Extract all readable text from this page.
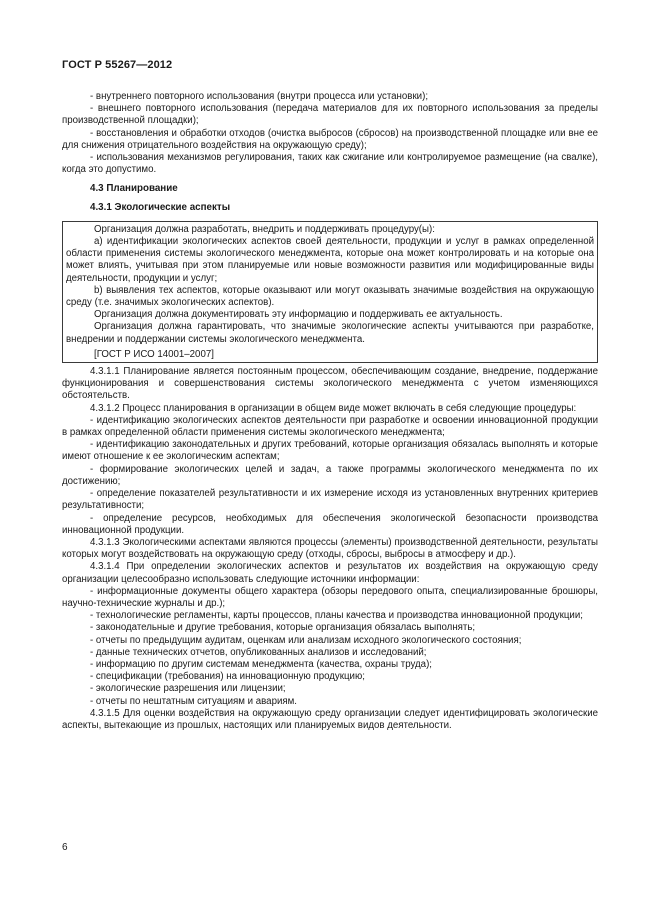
ГОСТ Р 55267—2012

- внутреннего повторного использования (внутри процесса или установки);

- внешнего повторного использования (передача материалов для их повторного использования за пределы производственной площадки);

- восстановления и обработки отходов (очистка выбросов (сбросов) на производственной площадке или вне ее для снижения отрицательного воздействия на окружающую среду);

- использования механизмов регулирования, таких как сжигание или контролируемое размещение (на свалке), когда это допустимо.

4.3 Планирование
4.3.1 Экологические аспекты

Организация должна разработать, внедрить и поддерживать процедуру(ы):

а) идентификации экологических аспектов своей деятельности, продукции и услуг в рамках определенной области применения системы экологического менеджмента, которые она может контролировать и на которые она может влиять, учитывая при этом планируемые или новые возможности развития или модифицированные виды деятельности, продукции и услуг;

b) выявления тех аспектов, которые оказывают или могут оказывать значимые воздействия на окружающую среду (т.е. значимых экологических аспектов).

Организация должна документировать эту информацию и поддерживать ее актуальность.

Организация должна гарантировать, что значимые экологические аспекты учитываются при разработке, внедрении и поддержании системы экологического менеджмента.

[ГОСТ Р ИСО 14001–2007]

4.3.1.1 Планирование является постоянным процессом, обеспечивающим создание, внедрение, поддержание функционирования и совершенствования системы экологического менеджмента с учетом изменяющихся обстоятельств.

4.3.1.2 Процесс планирования в организации в общем виде может включать в себя следующие процедуры:

- идентификацию экологических аспектов деятельности при разработке и освоении инновационной продукции в рамках определенной области применения системы экологического менеджмента;

- идентификацию законодательных и других требований, которые организация обязалась выполнять и которые имеют отношение к ее экологическим аспектам;

- формирование экологических целей и задач, а также программы экологического менеджмента по их достижению;

- определение показателей результативности и их измерение исходя из установленных внутренних критериев результативности;

- определение ресурсов, необходимых для обеспечения экологической безопасности производства инновационной продукции.

4.3.1.3 Экологическими аспектами являются процессы (элементы) производственной деятельности, результаты которых могут воздействовать на окружающую среду (отходы, сбросы, выбросы в атмосферу и др.).

4.3.1.4 При определении экологических аспектов и результатов их воздействия на окружающую среду организации целесообразно использовать следующие источники информации:

- информационные документы общего характера (обзоры передового опыта, специализированные брошюры, научно-технические журналы и др.);

- технологические регламенты, карты процессов, планы качества и производства инновационной продукции;

- законодательные и другие требования, которые организация обязалась выполнять;

- отчеты по предыдущим аудитам, оценкам или анализам исходного экологического состояния;

- данные технических отчетов, опубликованных анализов и исследований;

- информацию по другим системам менеджмента (качества, охраны труда);

- спецификации (требования) на инновационную продукцию;

- экологические разрешения или лицензии;

- отчеты по нештатным ситуациям и авариям.

4.3.1.5 Для оценки воздействия на окружающую среду организации следует идентифицировать экологические аспекты, вытекающие из прошлых, настоящих или планируемых видов деятельности.

6
